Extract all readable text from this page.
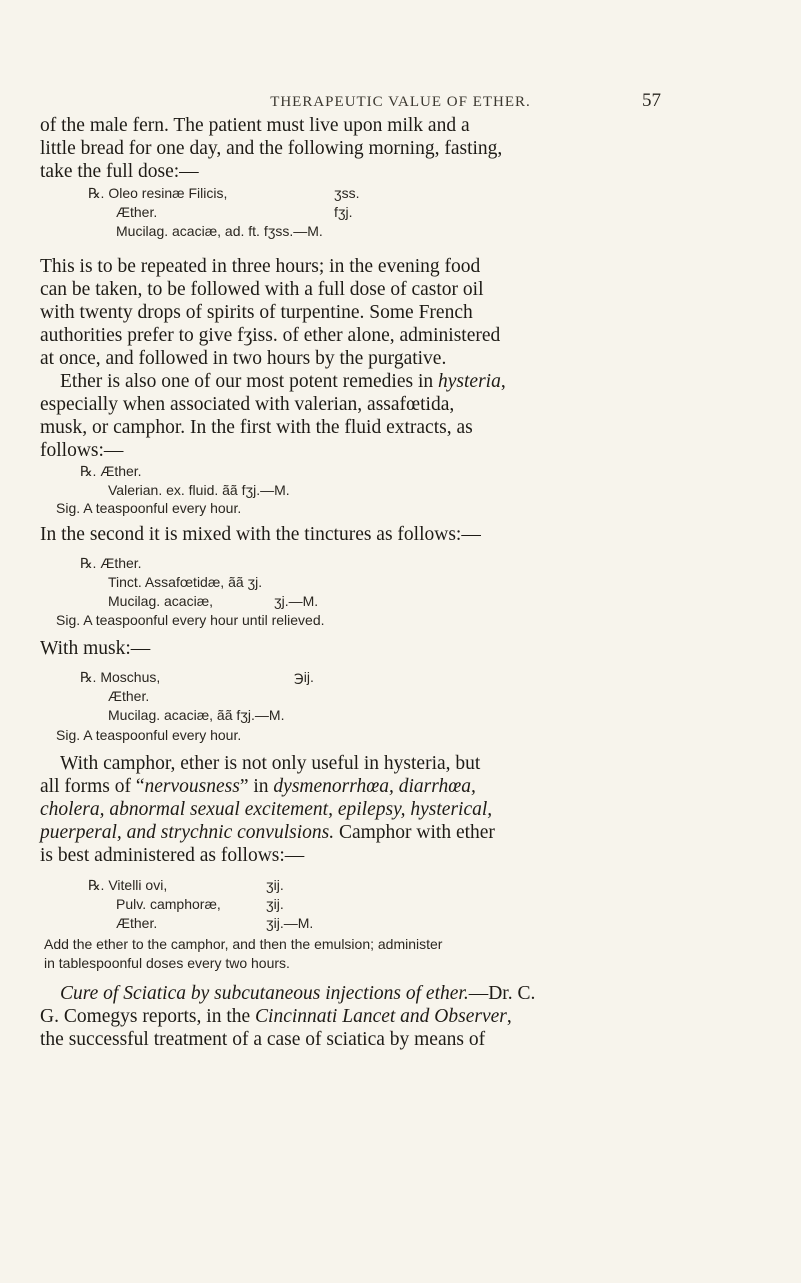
THERAPEUTIC VALUE OF ETHER.	57
of the male fern. The patient must live upon milk and a
little bread for one day, and the following morning, fasting,
take the full dose:—
℞. Oleo resinæ Filicis,	ʒss.
Æther.	fʒj.
Mucilag. acaciæ, ad. ft. fʒss.—M.
This is to be repeated in three hours; in the evening food
can be taken, to be followed with a full dose of castor oil
with twenty drops of spirits of turpentine. Some French
authorities prefer to give fʒiss. of ether alone, administered
at once, and followed in two hours by the purgative.
Ether is also one of our most potent remedies in hysteria,
especially when associated with valerian, assafœtida,
musk, or camphor. In the first with the fluid extracts, as
follows:—
℞. Æther.
Valerian. ex. fluid. ãã fʒj.—M.
Sig. A teaspoonful every hour.
In the second it is mixed with the tinctures as follows:—
℞. Æther.
Tinct. Assafœtidæ, ãã ʒj.
Mucilag. acaciæ,	ʒj.—M.
Sig. A teaspoonful every hour until relieved.
With musk:—
℞. Moschus,	℈ij.
Æther.
Mucilag. acaciæ, ãã fʒj.—M.
Sig. A teaspoonful every hour.
With camphor, ether is not only useful in hysteria, but
all forms of “nervousness” in dysmenorrhœa, diarrhœa,
cholera, abnormal sexual excitement, epilepsy, hysterical,
puerperal, and strychnic convulsions. Camphor with ether
is best administered as follows:—
℞. Vitelli ovi,	ʒij.
Pulv. camphoræ,	ʒij.
Æther.	ʒij.—M.
Add the ether to the camphor, and then the emulsion; administer
in tablespoonful doses every two hours.
Cure of Sciatica by subcutaneous injections of ether.—Dr. C.
G. Comegys reports, in the Cincinnati Lancet and Observer,
the successful treatment of a case of sciatica by means of
